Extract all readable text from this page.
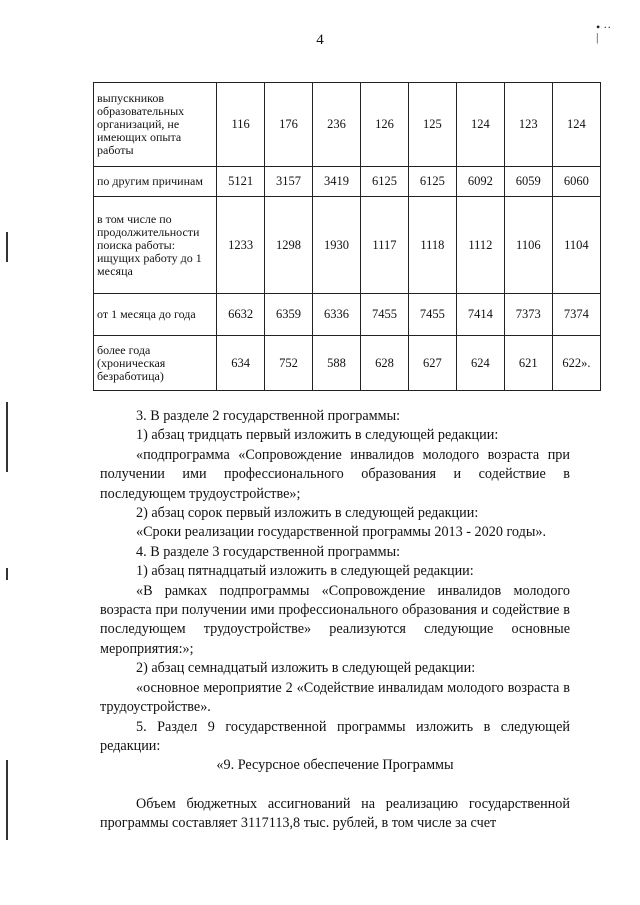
4
• ·· |
выпускников образовательных организаций, не имеющих опыта работы	116	176	236	126	125	124	123	124
по другим причинам	5121	3157	3419	6125	6125	6092	6059	6060
в том числе по продолжительности поиска работы: ищущих работу до 1 месяца	1233	1298	1930	1117	1118	1112	1106	1104
от 1 месяца до года	6632	6359	6336	7455	7455	7414	7373	7374
более года (хроническая безработица)	634	752	588	628	627	624	621	622».

3. В разделе 2 государственной программы:

1) абзац тридцать первый изложить в следующей редакции:

«подпрограмма «Сопровождение инвалидов молодого возраста при получении ими профессионального образования и содействие в последующем трудоустройстве»;

2) абзац сорок первый изложить в следующей редакции:

«Сроки реализации государственной программы 2013 - 2020 годы».

4. В разделе 3 государственной программы:

1) абзац пятнадцатый изложить в следующей редакции:

«В рамках подпрограммы «Сопровождение инвалидов молодого возраста при получении ими профессионального образования и содействие в последующем трудоустройстве» реализуются следующие основные мероприятия:»;

2) абзац семнадцатый изложить в следующей редакции:

«основное мероприятие 2 «Содействие инвалидам молодого возраста в трудоустройстве».

5. Раздел 9 государственной программы изложить в следующей редакции:

«9. Ресурсное обеспечение Программы

Объем бюджетных ассигнований на реализацию государственной программы составляет 3117113,8 тыс. рублей, в том числе за счет
